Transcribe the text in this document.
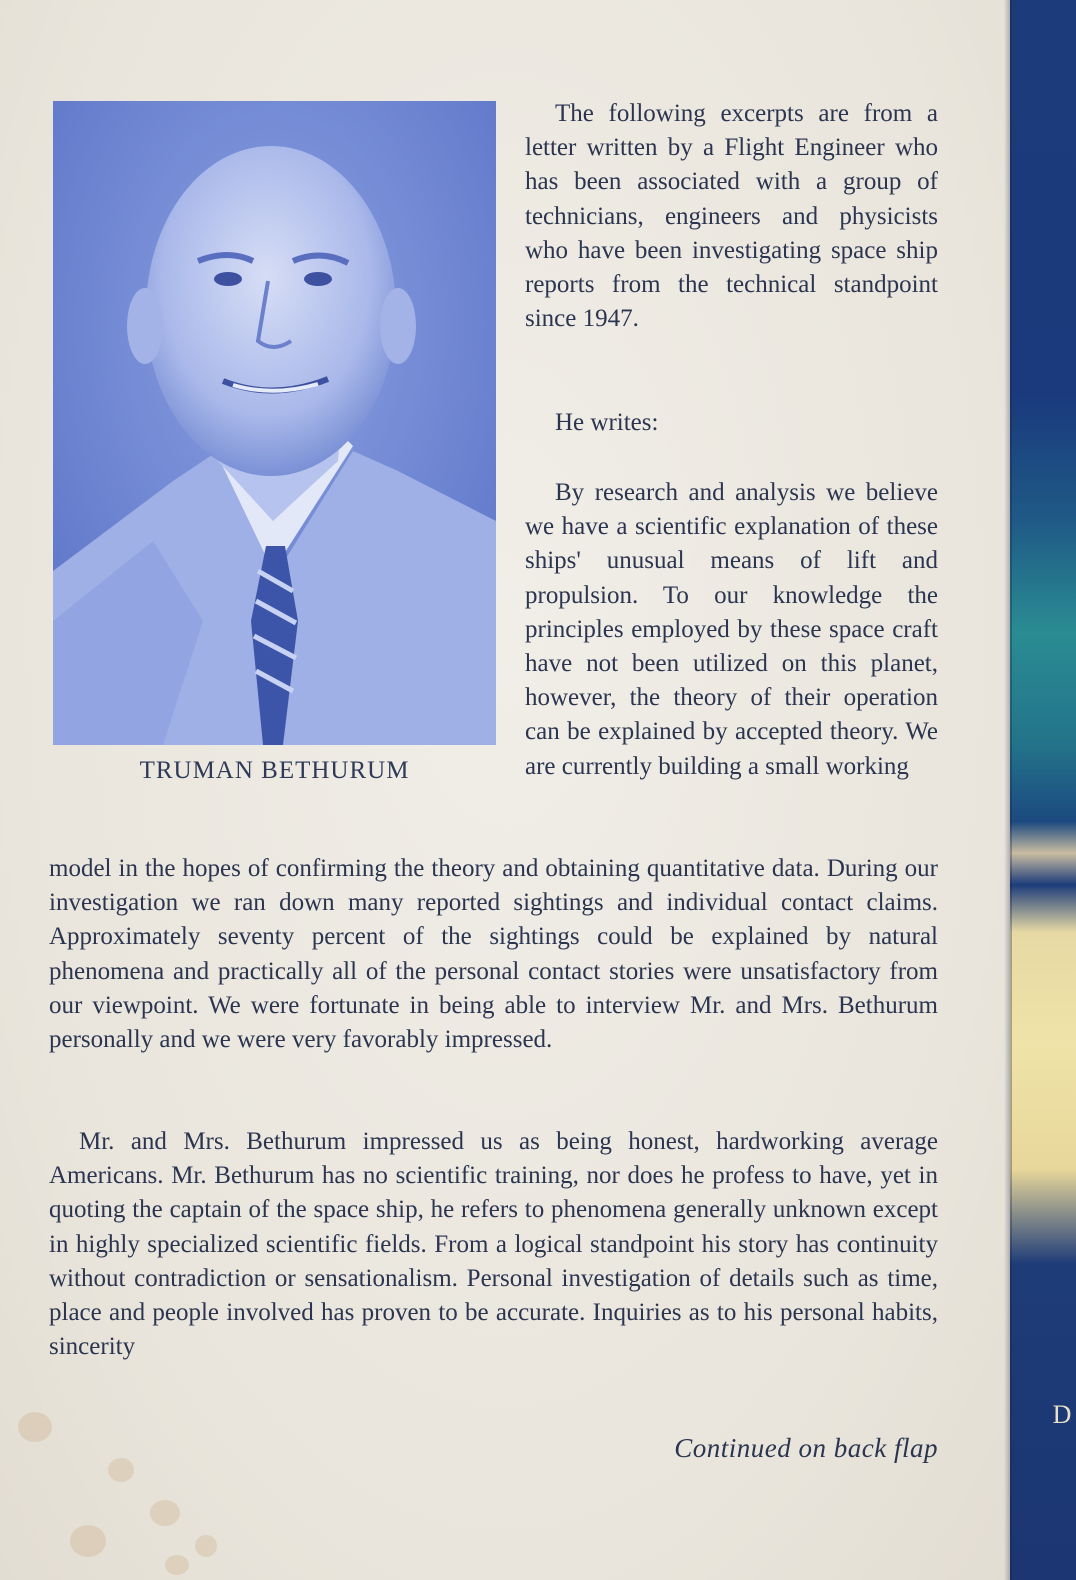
D

TRUMAN BETHURUM

The following excerpts are from a letter written by a Flight Engineer who has been associated with a group of technicians, engineers and physicists who have been investigating space ship reports from the technical standpoint since 1947.

He writes:

By research and analysis we believe we have a scientific explanation of these ships' unusual means of lift and propulsion. To our knowledge the principles employed by these space craft have not been utilized on this planet, however, the theory of their operation can be explained by accepted theory. We are currently building a small working

model in the hopes of confirming the theory and obtaining quantitative data. During our investigation we ran down many reported sightings and individual contact claims. Approximately seventy percent of the sightings could be explained by natural phenomena and practically all of the personal contact stories were unsatisfactory from our viewpoint. We were fortunate in being able to interview Mr. and Mrs. Bethurum personally and we were very favorably impressed.

Mr. and Mrs. Bethurum impressed us as being honest, hardworking average Americans. Mr. Bethurum has no scientific training, nor does he profess to have, yet in quoting the captain of the space ship, he refers to phenomena generally unknown except in highly specialized scientific fields. From a logical standpoint his story has continuity without contradiction or sensationalism. Personal investigation of details such as time, place and people involved has proven to be accurate. Inquiries as to his personal habits, sincerity

Continued on back flap
